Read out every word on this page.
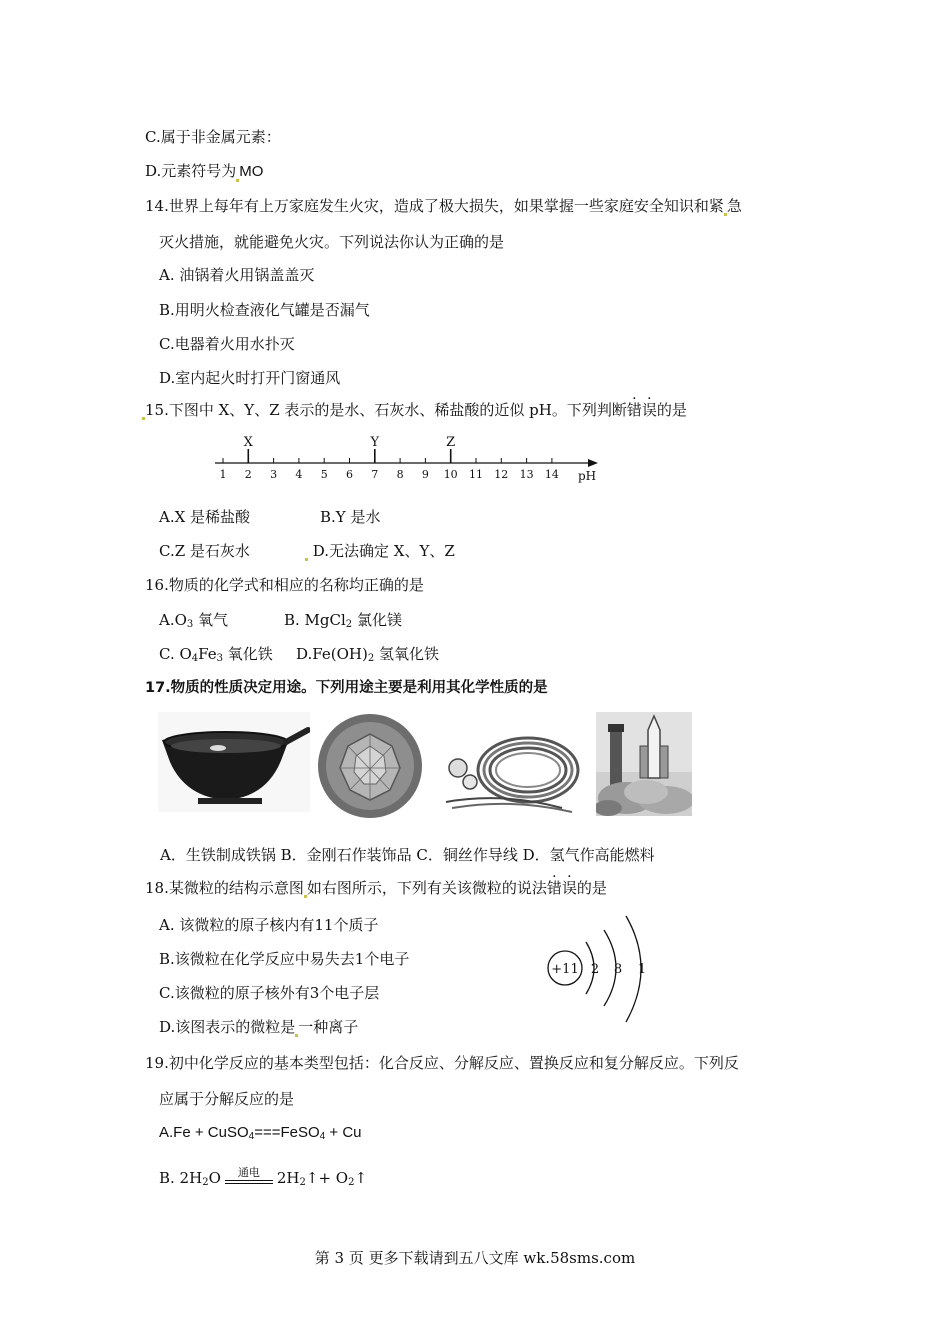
C.属于非金属元素：
D.元素符号为 MO
14.世界上每年有上万家庭发生火灾，造成了极大损失，如果掌握一些家庭安全知识和紧 急
灭火措施，就能避免火灾。下列说法你认为正确的是
A. 油锅着火用锅盖盖灭
B.用明火检查液化气罐是否漏气
C.电器着火用水扑灭
D.室内起火时打开门窗通风
15.下图中 X、Y、Z 表示的是水、石灰水、稀盐酸的近似 pH。下列判断错误的是
1 2 3 4 5 6 7 8 9 10 11 12 13 14
X	Y	Z
pH
A.X 是稀盐酸	B.Y 是水
C.Z 是石灰水	D.无法确定 X、Y、Z
16.物质的化学式和相应的名称均正确的是
$A.O_3$ 氧气	B. MgCl$_2$ 氯化镁
C. $O_4Fe_3$ 氧化铁 $D.Fe(OH)_2$ 氢氧化铁
17.物质的性质决定用途。下列用途主要是利用其化学性质的是
A．生铁制成铁锅 B．金刚石作装饰品 C．铜丝作导线 D．氢气作高能燃料
18.某微粒的结构示意图 如右图所示，下列有关该微粒的说法错误的是
A. 该微粒的原子核内有11个质子
B.该微粒在化学反应中易失去1个电子
C.该微粒的原子核外有3个电子层
D.该图表示的微粒是 一种离子
+11 2 8 1
19.初中化学反应的基本类型包括：化合反应、分解反应、置换反应和复分解反应。下列反
应属于分解反应的是
A.Fe + CuSO$_4$===FeSO$_4$ + Cu
B. $2H_2O$	通电	$2H_2↑+$ $O_2↑$
第 3 页 更多下载请到五八文库 wk.58sms.com
